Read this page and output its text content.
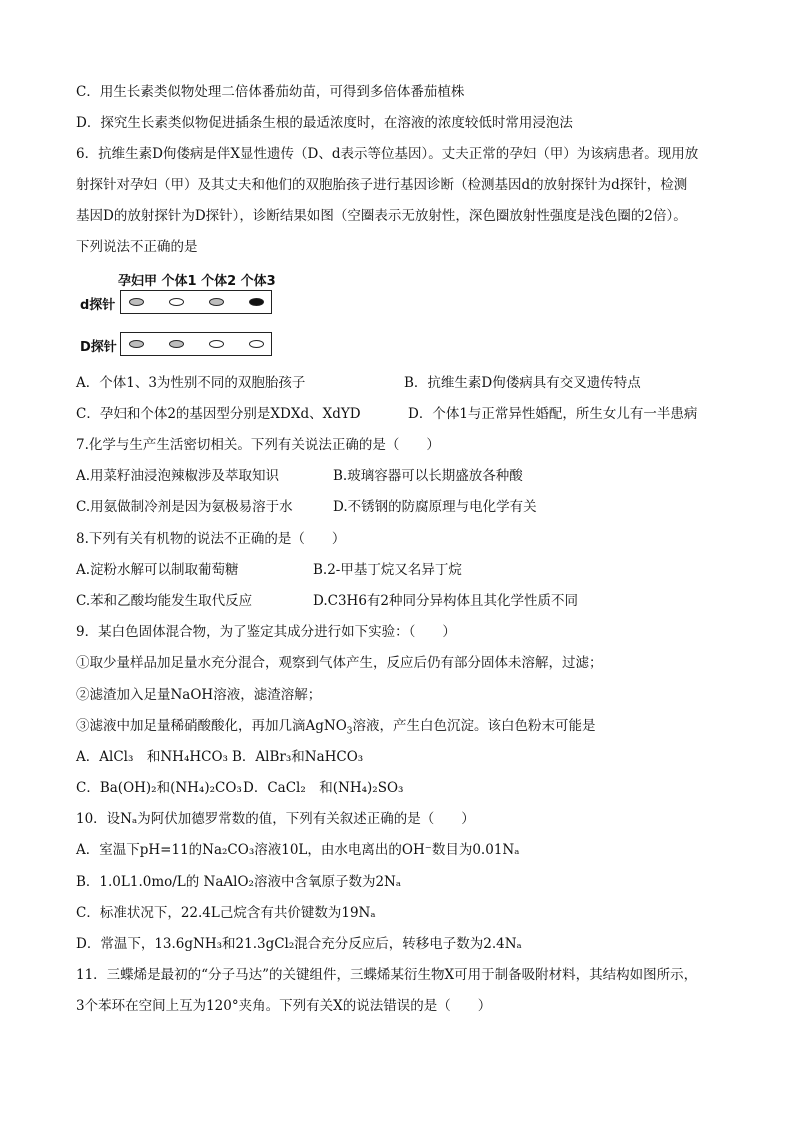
C．用生长素类似物处理二倍体番茄幼苗，可得到多倍体番茄植株
D．探究生长素类似物促进插条生根的最适浓度时，在溶液的浓度较低时常用浸泡法
6．抗维生素D佝偻病是伴X显性遗传（D、d表示等位基因）。丈夫正常的孕妇（甲）为该病患者。现用放
射探针对孕妇（甲）及其丈夫和他们的双胞胎孩子进行基因诊断（检测基因d的放射探针为d探针，检测
基因D的放射探针为D探针），诊断结果如图（空圈表示无放射性，深色圈放射性强度是浅色圈的2倍）。
下列说法不正确的是
孕妇甲 个体1 个体2 个体3
d探针
D探针
A．个体1、3为性别不同的双胞胎孩子	B．抗维生素D佝偻病具有交叉遗传特点
C．孕妇和个体2的基因型分别是XDXd、XdYD	D．个体1与正常异性婚配，所生女儿有一半患病
7.化学与生产生活密切相关。下列有关说法正确的是（　　）
A.用菜籽油浸泡辣椒涉及萃取知识	B.玻璃容器可以长期盛放各种酸
C.用氨做制冷剂是因为氨极易溶于水	D.不锈钢的防腐原理与电化学有关
8.下列有关有机物的说法不正确的是（　　）
A.淀粉水解可以制取葡萄糖	B.2-甲基丁烷又名异丁烷
C.苯和乙酸均能发生取代反应	D.C3H6有2种同分异构体且其化学性质不同
9．某白色固体混合物，为了鉴定其成分进行如下实验：（　　）
①取少量样品加足量水充分混合，观察到气体产生，反应后仍有部分固体未溶解，过滤；
②滤渣加入足量NaOH溶液，滤渣溶解；
③滤液中加足量稀硝酸酸化，再加几滴AgNO$_3$溶液，产生白色沉淀。该白色粉末可能是
A．AlCl₃　和NH₄HCO₃ B．AlBr₃和NaHCO₃
C．Ba(OH)₂和(NH₄)₂CO₃ D．CaCl₂　和(NH₄)₂SO₃
10．设Nₐ为阿伏加德罗常数的值，下列有关叙述正确的是（　　）
A．室温下pH=11的Na₂CO₃溶液10L，由水电离出的OH⁻数目为0.01Nₐ
B．1.0L1.0mo/L的 NaAlO₂溶液中含氧原子数为2Nₐ
C．标准状况下，22.4L己烷含有共价键数为19Nₐ
D．常温下，13.6gNH₃和21.3gCl₂混合充分反应后，转移电子数为2.4Nₐ
11．三蝶烯是最初的“分子马达”的关键组件，三蝶烯某衍生物X可用于制备吸附材料，其结构如图所示，
3个苯环在空间上互为120°夹角。下列有关X的说法错误的是（　　）
